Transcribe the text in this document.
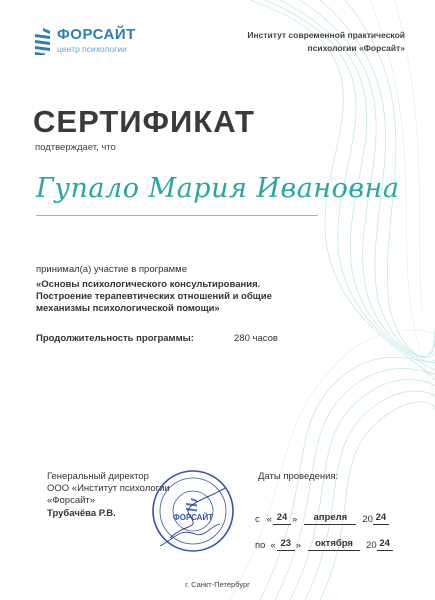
ФОРСАЙТ
центр психологии
Институт современной практической
психологии «Форсайт»
СЕРТИФИКАТ
подтверждает, что
Гупало Мария Ивановна
принимал(а) участие в программе
«Основы психологического консультирования.
Построение терапевтических отношений и общие
механизмы психологической помощи»
Продолжительность программы:	280 часов
Генеральный директор
ООО «Институт психологии
«Форсайт»
Трубачёва Р.В.	ФОРСАЙТ
Даты проведения:
с « 24 »	апреля	20 24
по « 23 »	октября	20 24
г. Санкт-Петербург
